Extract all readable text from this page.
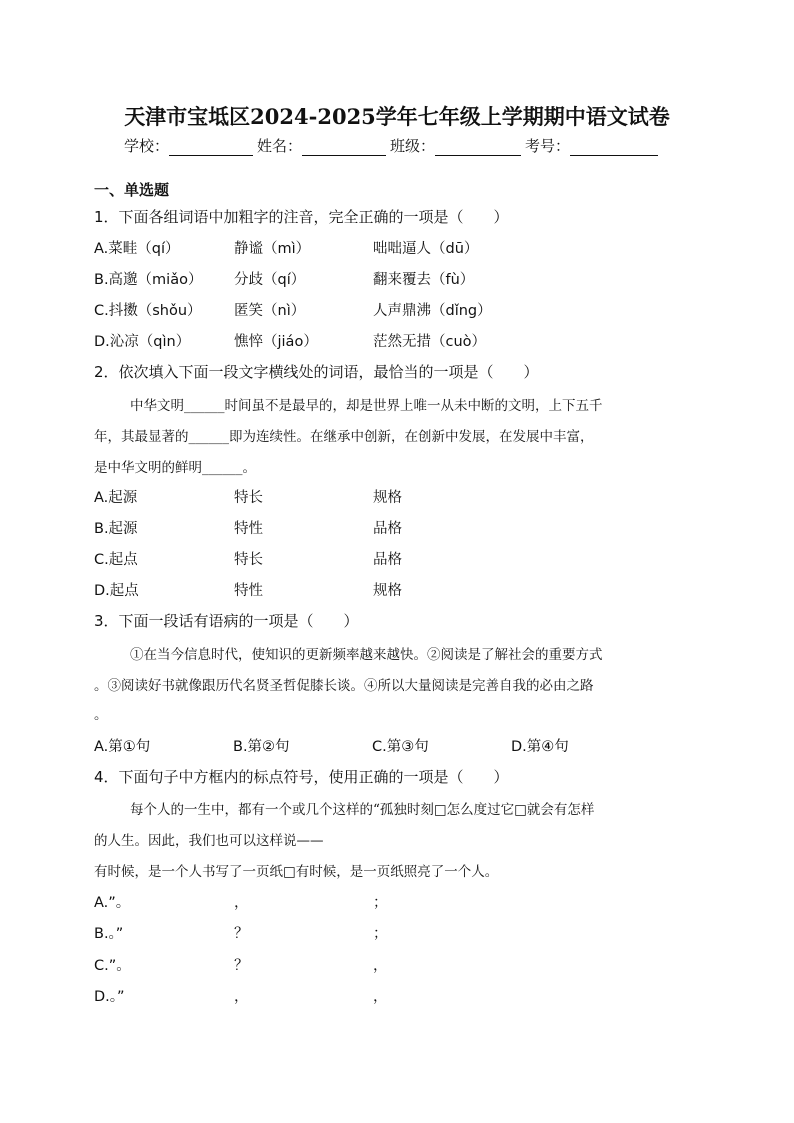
天津市宝坻区2024-2025学年七年级上学期期中语文试卷
学校：	姓名：	班级：	考号：
一、单选题
1．下面各组词语中加粗字的注音，完全正确的一项是（　　）
A.菜畦（qí）	静谧（mì）	咄咄逼人（dū）
B.高邈（miǎo） 分歧（qí）	翻来覆去（fù）
C.抖擞（shǒu） 匿笑（nì）	人声鼎沸（dǐng）
D.沁凉（qìn）	憔悴（jiáo）	茫然无措（cuò）
2．依次填入下面一段文字横线处的词语，最恰当的一项是（　　）
中华文明______时间虽不是最早的，却是世界上唯一从未中断的文明，上下五千
年，其最显著的______即为连续性。在继承中创新，在创新中发展，在发展中丰富，
是中华文明的鲜明______。
A.起源	特长	规格
B.起源	特性	品格
C.起点	特长	品格
D.起点	特性	规格
3．下面一段话有语病的一项是（　　）
①在当今信息时代，使知识的更新频率越来越快。②阅读是了解社会的重要方式
。③阅读好书就像跟历代名贤圣哲促膝长谈。④所以大量阅读是完善自我的必由之路
。
A.第①句	B.第②句	C.第③句	D.第④句
4．下面句子中方框内的标点符号，使用正确的一项是（　　）
每个人的一生中，都有一个或几个这样的“孤独时刻□怎么度过它□就会有怎样
的人生。因此，我们也可以这样说——
有时候，是一个人书写了一页纸□有时候，是一页纸照亮了一个人。
A.”。	，	；
B.。”	？	；
C.”。	？	，
D.。”	，	，
